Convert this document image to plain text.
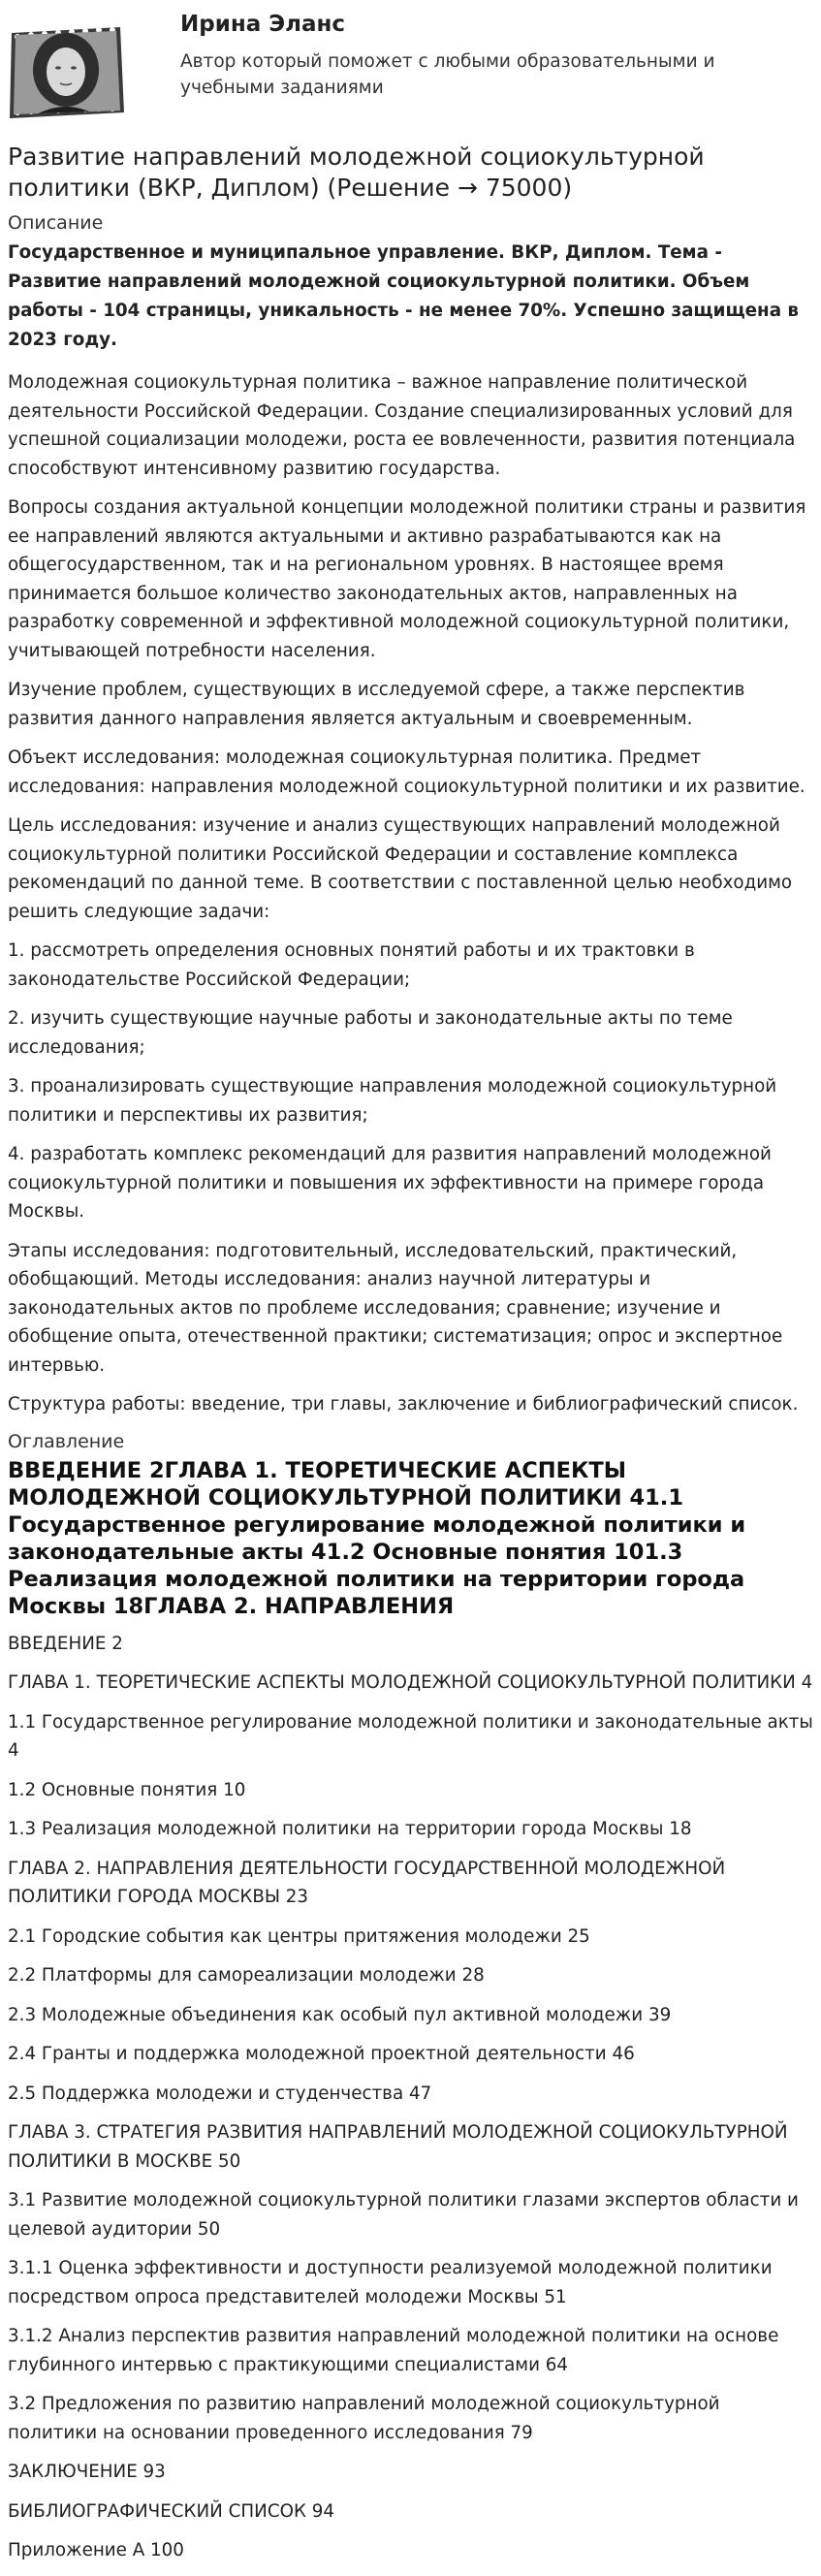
Ирина Эланс
Автор который поможет с любыми образовательными и учебными заданиями
Развитие направлений молодежной социокультурной политики (ВКР, Диплом) (Решение → 75000)
Описание

Государственное и муниципальное управление. ВКР, Диплом. Тема - Развитие направлений молодежной социокультурной политики. Объем работы - 104 страницы, уникальность - не менее 70%. Успешно защищена в 2023 году.

Молодежная социокультурная политика – важное направление политической деятельности Российской Федерации. Создание специализированных условий для успешной социализации молодежи, роста ее вовлеченности, развития потенциала способствуют интенсивному развитию государства.

Вопросы создания актуальной концепции молодежной политики страны и развития ее направлений являются актуальными и активно разрабатываются как на общегосударственном, так и на региональном уровнях. В настоящее время принимается большое количество законодательных актов, направленных на разработку современной и эффективной молодежной социокультурной политики, учитывающей потребности населения.

Изучение проблем, существующих в исследуемой сфере, а также перспектив развития данного направления является актуальным и своевременным.

Объект исследования: молодежная социокультурная политика. Предмет исследования: направления молодежной социокультурной политики и их развитие.

Цель исследования: изучение и анализ существующих направлений молодежной социокультурной политики Российской Федерации и составление комплекса рекомендаций по данной теме. В соответствии с поставленной целью необходимо решить следующие задачи:

1. рассмотреть определения основных понятий работы и их трактовки в законодательстве Российской Федерации;

2. изучить существующие научные работы и законодательные акты по теме исследования;

3. проанализировать существующие направления молодежной социокультурной политики и перспективы их развития;

4. разработать комплекс рекомендаций для развития направлений молодежной социокультурной политики и повышения их эффективности на примере города Москвы.

Этапы исследования: подготовительный, исследовательский, практический, обобщающий. Методы исследования: анализ научной литературы и законодательных актов по проблеме исследования; сравнение; изучение и обобщение опыта, отечественной практики; систематизация; опрос и экспертное интервью.

Структура работы: введение, три главы, заключение и библиографический список.

Оглавление
ВВЕДЕНИЕ 2ГЛАВА 1. ТЕОРЕТИЧЕСКИЕ АСПЕКТЫ МОЛОДЕЖНОЙ СОЦИОКУЛЬТУРНОЙ ПОЛИТИКИ 41.1 Государственное регулирование молодежной политики и законодательные акты 41.2 Основные понятия 101.3 Реализация молодежной политики на территории города Москвы 18ГЛАВА 2. НАПРАВЛЕНИЯ

ВВЕДЕНИЕ 2

ГЛАВА 1. ТЕОРЕТИЧЕСКИЕ АСПЕКТЫ МОЛОДЕЖНОЙ СОЦИОКУЛЬТУРНОЙ ПОЛИТИКИ 4

1.1 Государственное регулирование молодежной политики и законодательные акты 4

1.2 Основные понятия 10

1.3 Реализация молодежной политики на территории города Москвы 18

ГЛАВА 2. НАПРАВЛЕНИЯ ДЕЯТЕЛЬНОСТИ ГОСУДАРСТВЕННОЙ МОЛОДЕЖНОЙ ПОЛИТИКИ ГОРОДА МОСКВЫ 23

2.1 Городские события как центры притяжения молодежи 25

2.2 Платформы для самореализации молодежи 28

2.3 Молодежные объединения как особый пул активной молодежи 39

2.4 Гранты и поддержка молодежной проектной деятельности 46

2.5 Поддержка молодежи и студенчества 47

ГЛАВА 3. СТРАТЕГИЯ РАЗВИТИЯ НАПРАВЛЕНИЙ МОЛОДЕЖНОЙ СОЦИОКУЛЬТУРНОЙ ПОЛИТИКИ В МОСКВЕ 50

3.1 Развитие молодежной социокультурной политики глазами экспертов области и целевой аудитории 50

3.1.1 Оценка эффективности и доступности реализуемой молодежной политики посредством опроса представителей молодежи Москвы 51

3.1.2 Анализ перспектив развития направлений молодежной политики на основе глубинного интервью с практикующими специалистами 64

3.2 Предложения по развитию направлений молодежной социокультурной политики на основании проведенного исследования 79

ЗАКЛЮЧЕНИЕ 93

БИБЛИОГРАФИЧЕСКИЙ СПИСОК 94

Приложение А 100
